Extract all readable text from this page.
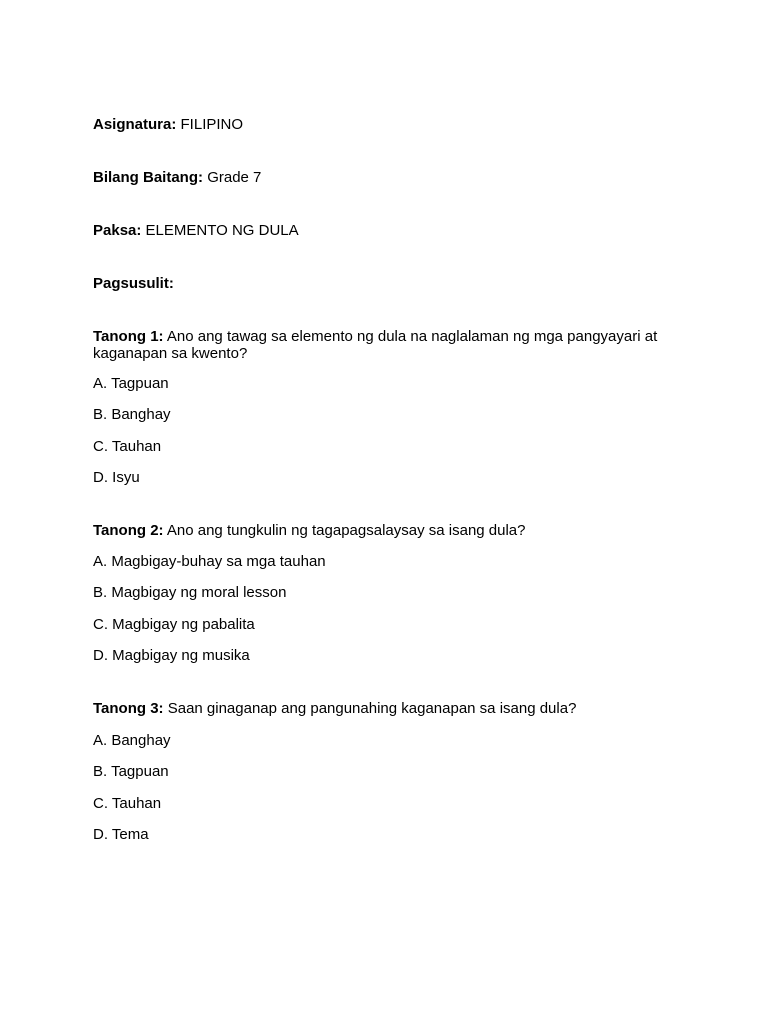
Asignatura: FILIPINO
Bilang Baitang: Grade 7
Paksa: ELEMENTO NG DULA
Pagsusulit:
Tanong 1: Ano ang tawag sa elemento ng dula na naglalaman ng mga pangyayari at kaganapan sa kwento?
A. Tagpuan
B. Banghay
C. Tauhan
D. Isyu
Tanong 2: Ano ang tungkulin ng tagapagsalaysay sa isang dula?
A. Magbigay-buhay sa mga tauhan
B. Magbigay ng moral lesson
C. Magbigay ng pabalita
D. Magbigay ng musika
Tanong 3: Saan ginaganap ang pangunahing kaganapan sa isang dula?
A. Banghay
B. Tagpuan
C. Tauhan
D. Tema
